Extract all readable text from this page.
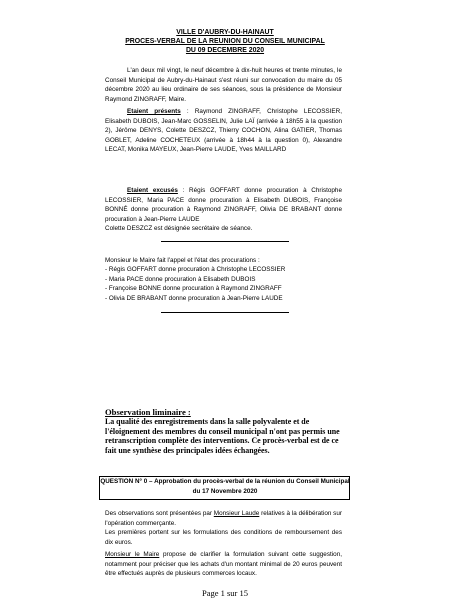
VILLE D'AUBRY-DU-HAINAUT
PROCES-VERBAL DE LA REUNION DU CONSEIL MUNICIPAL
DU 09 DECEMBRE 2020
L'an deux mil vingt, le neuf décembre à dix-huit heures et trente minutes, le Conseil Municipal de Aubry-du-Hainaut s'est réuni sur convocation du maire du 05 décembre 2020 au lieu ordinaire de ses séances, sous la présidence de Monsieur Raymond ZINGRAFF, Maire.
Etaient présents : Raymond ZINGRAFF, Christophe LECOSSIER, Elisabeth DUBOIS, Jean-Marc GOSSELIN, Julie LAÏ (arrivée à 18h55 à la question 2), Jérôme DENYS, Colette DESZCZ, Thierry COCHON, Alina GATIER, Thomas GOBLET, Adeline COCHETEUX (arrivée à 18h44 à la question 0), Alexandre LECAT, Monika MAYEUX, Jean-Pierre LAUDE, Yves MAILLARD
Etaient excusés : Régis GOFFART donne procuration à Christophe LECOSSIER, Maria PACE donne procuration à Elisabeth DUBOIS, Françoise BONNÉ donne procuration à Raymond ZINGRAFF, Olivia DE BRABANT donne procuration à Jean-Pierre LAUDE
Colette DESZCZ est désignée secrétaire de séance.
Monsieur le Maire fait l'appel et l'état des procurations :
- Régis GOFFART donne procuration à Christophe LECOSSIER
- Maria PACE donne procuration à Elisabeth DUBOIS
- Françoise BONNE donne procuration à Raymond ZINGRAFF
- Olivia DE BRABANT donne procuration à Jean-Pierre LAUDE
Observation liminaire :
La qualité des enregistrements dans la salle polyvalente et de l'éloignement des membres du conseil municipal n'ont pas permis une retranscription complète des interventions. Ce procès-verbal est de ce fait une synthèse des principales idées échangées.
QUESTION N° 0 – Approbation du procès-verbal de la réunion du Conseil Municipal du 17 Novembre 2020
Des observations sont présentées par Monsieur Laude relatives à la délibération sur l'opération commerçante.
Les premières portent sur les formulations des conditions de remboursement des dix euros.
Monsieur le Maire propose de clarifier la formulation suivant cette suggestion, notamment pour préciser que les achats d'un montant minimal de 20 euros peuvent être effectués auprès de plusieurs commerces locaux.
Page 1 sur 15
